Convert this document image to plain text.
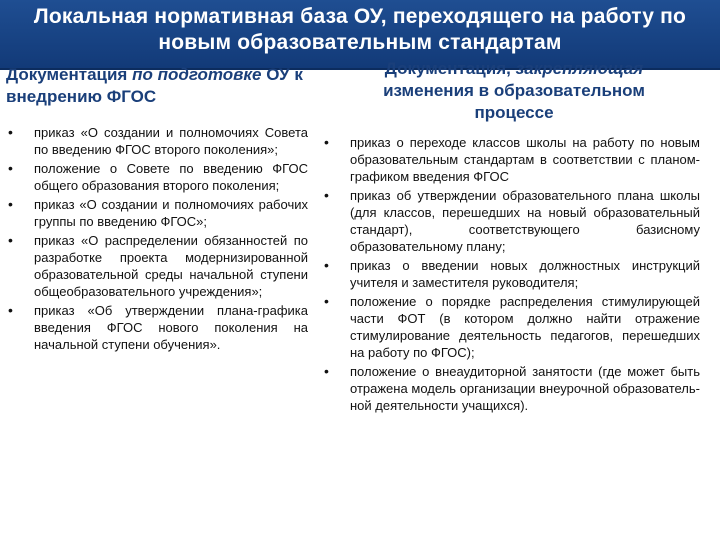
Локальная нормативная база ОУ, переходящего на работу по новым образовательным стандартам
Документация по подготовке ОУ к внедрению ФГОС
Документация, закрепляющая изменения в образовательном процессе
• приказ «О создании и полномочиях Совета по введению ФГОС второго поколения»;
• положение о Совете по введению ФГОС общего образования второго поколения;
• приказ «О создании и полномочиях рабочих группы по введению ФГОС»;
• приказ «О распределении обязанностей по разработке проекта модернизированной образовательной среды начальной ступени общеобразовательного учреждения»;
• приказ «Об утверждении плана-графика введения ФГОС нового поколения на начальной ступени обучения».
• приказ о переходе классов школы на работу по новым образовательным стандартам в соответствии с планом-графиком введения ФГОС
• приказ об утверждении образовательного плана школы (для классов, перешедших на новый образовательный стандарт), соответствующего базисному образовательному плану;
• приказ о введении новых должностных инструкций учителя и заместителя руководителя;
• положение о порядке распределения стимулирующей части ФОТ (в котором должно найти отражение стимулирование деятельность педагогов, перешедших на работу по ФГОС);
• положение о внеаудиторной занятости (где может быть отражена модель организации внеурочной образователь-ной деятельности учащихся).
